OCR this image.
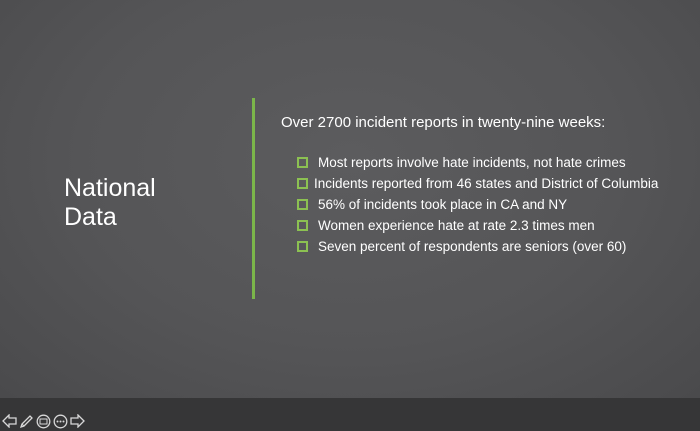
National
Data
Over 2700 incident reports in twenty-nine weeks:
Most reports involve hate incidents, not hate crimes
Incidents reported from 46 states and District of Columbia
56% of incidents took place in CA and NY
Women experience hate at rate 2.3 times men
Seven percent of respondents are seniors (over 60)
